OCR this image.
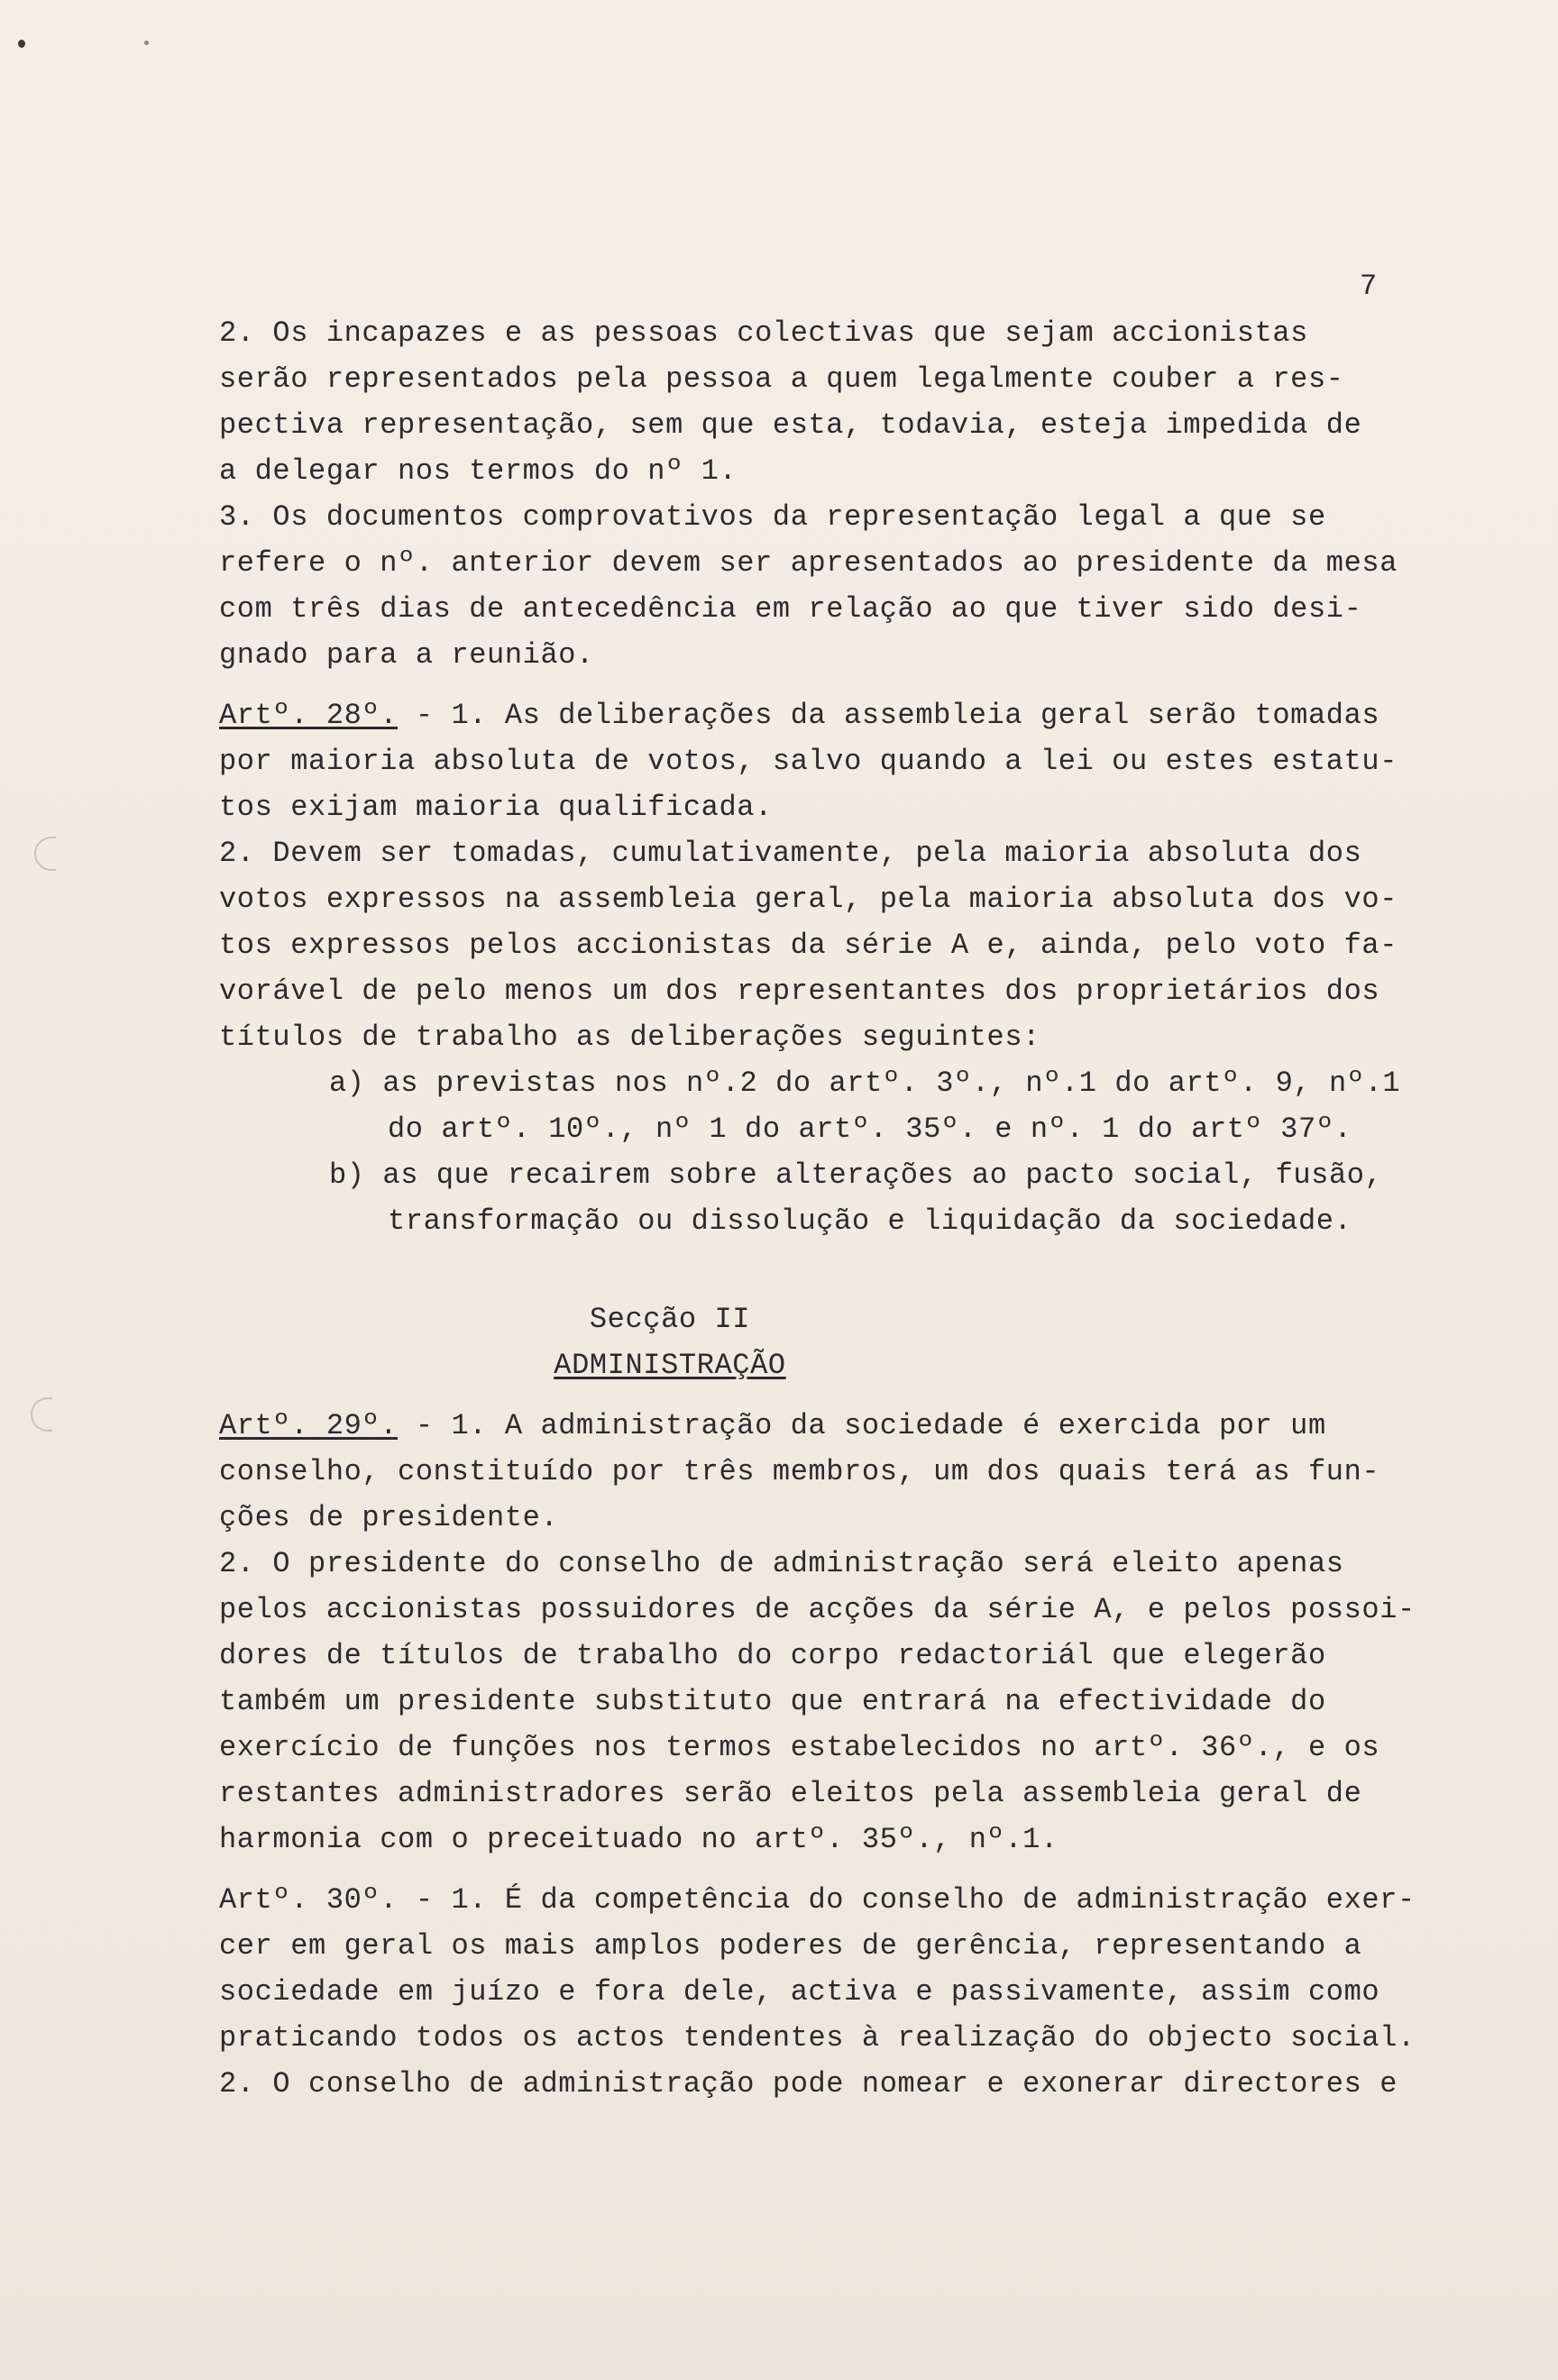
7
2. Os incapazes e as pessoas colectivas que sejam accionistas
serão representados pela pessoa a quem legalmente couber a res-
pectiva representação, sem que esta, todavia, esteja impedida de
a delegar nos termos do nº 1.
3. Os documentos comprovativos da representação legal a que se
refere o nº. anterior devem ser apresentados ao presidente da mesa
com três dias de antecedência em relação ao que tiver sido desi-
gnado para a reunião.
Artº. 28º. - 1. As deliberações da assembleia geral serão tomadas
por maioria absoluta de votos, salvo quando a lei ou estes estatu-
tos exijam maioria qualificada.
2. Devem ser tomadas, cumulativamente, pela maioria absoluta dos
votos expressos na assembleia geral, pela maioria absoluta dos vo-
tos expressos pelos accionistas da série A e, ainda, pelo voto fa-
vorável de pelo menos um dos representantes dos proprietários dos
títulos de trabalho as deliberações seguintes:
a) as previstas nos nº.2 do artº. 3º., nº.1 do artº. 9, nº.1
do artº. 10º., nº 1 do artº. 35º. e nº. 1 do artº 37º.
b) as que recairem sobre alterações ao pacto social, fusão,
transformação ou dissolução e liquidação da sociedade.
Secção II
ADMINISTRAÇÃO
Artº. 29º. - 1. A administração da sociedade é exercida por um
conselho, constituído por três membros, um dos quais terá as fun-
ções de presidente.
2. O presidente do conselho de administração será eleito apenas
pelos accionistas possuidores de acções da série A, e pelos possoi-
dores de títulos de trabalho do corpo redactoriál que elegerão
também um presidente substituto que entrará na efectividade do
exercício de funções nos termos estabelecidos no artº. 36º., e os
restantes administradores serão eleitos pela assembleia geral de
harmonia com o preceituado no artº. 35º., nº.1.
Artº. 30º. - 1. É da competência do conselho de administração exer-
cer em geral os mais amplos poderes de gerência, representando a
sociedade em juízo e fora dele, activa e passivamente, assim como
praticando todos os actos tendentes à realização do objecto social.
2. O conselho de administração pode nomear e exonerar directores e
